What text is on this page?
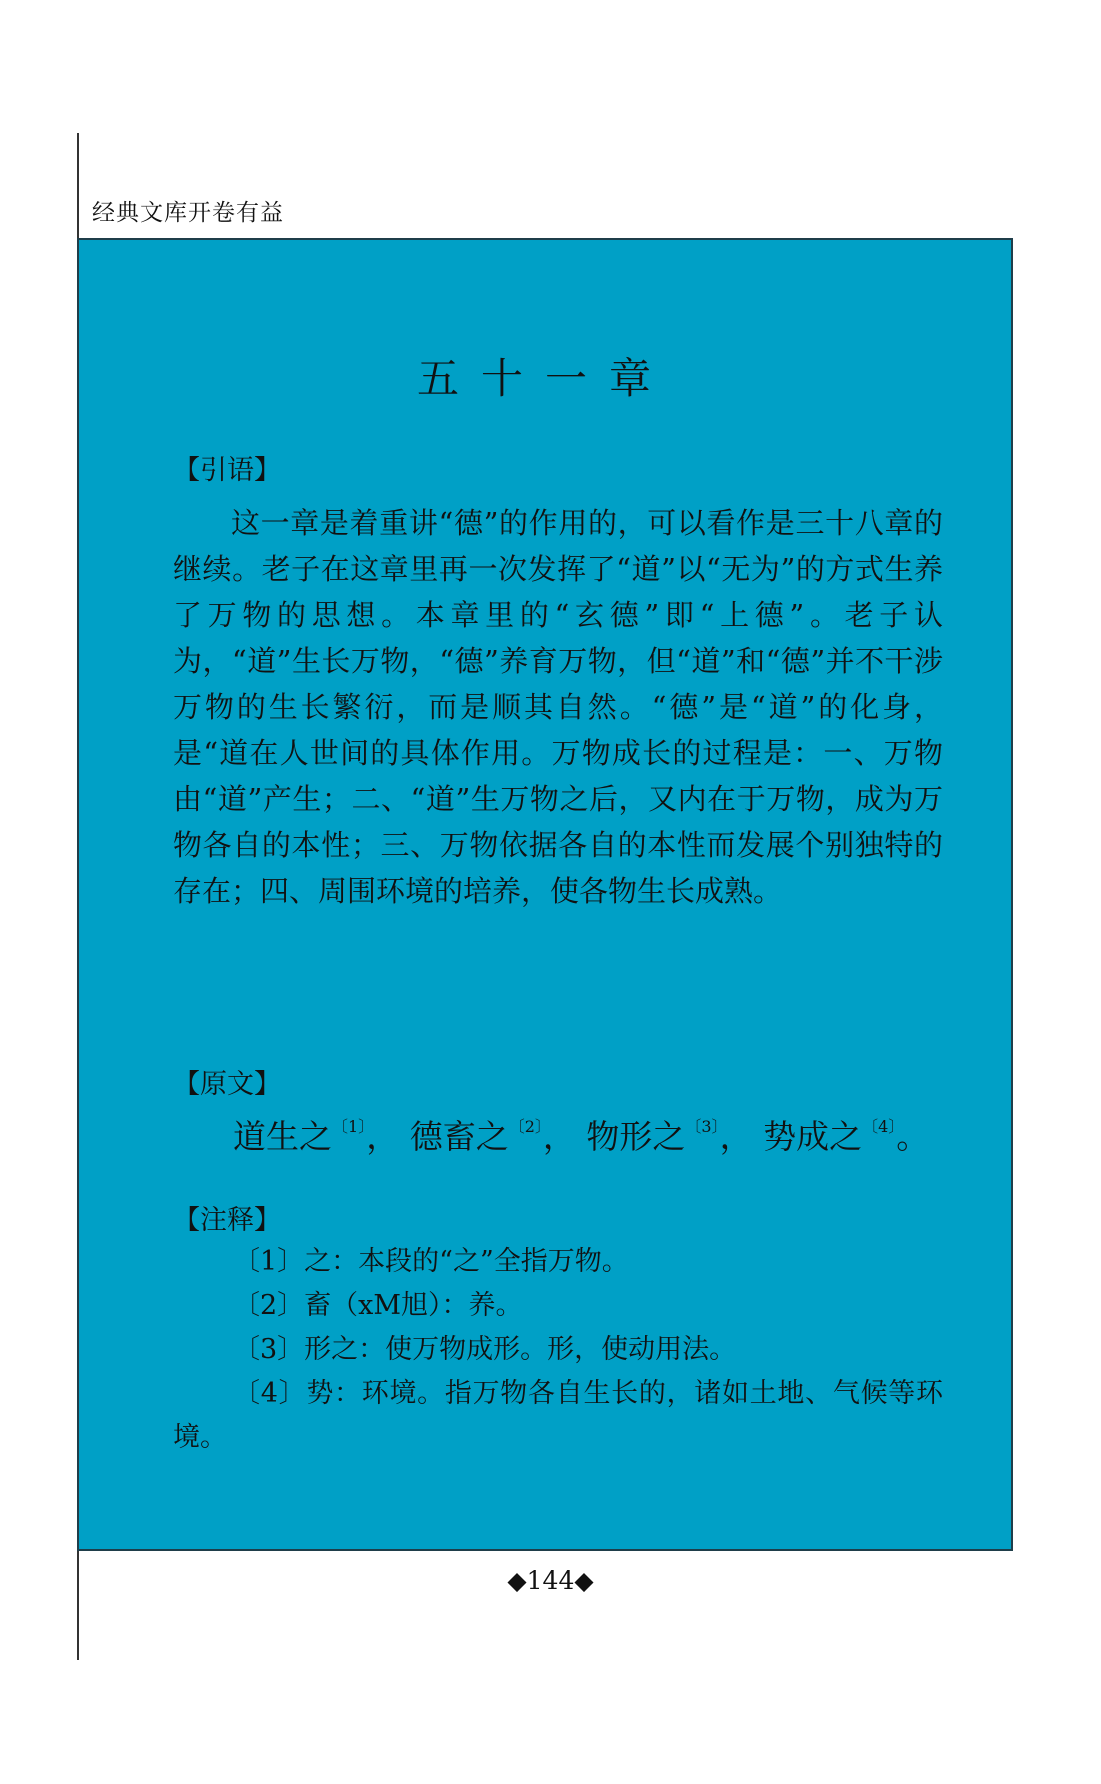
经典文库开卷有益
五十一章
【引语】

这一章是着重讲“德”的作用的，可以看作是三十八章的继续。老子在这章里再一次发挥了“道”以“无为”的方式生养了万物的思想。本章里的“玄德”即“上德”。老子认为，“道”生长万物，“德”养育万物，但“道”和“德”并不干涉万物的生长繁衍，而是顺其自然。“德”是“道”的化身，是“道在人世间的具体作用。万物成长的过程是：一、万物由“道”产生；二、“道”生万物之后，又内在于万物，成为万物各自的本性；三、万物依据各自的本性而发展个别独特的存在；四、周围环境的培养，使各物生长成熟。

【原文】

道生之$^{〔1〕}$， 德畜之$^{〔2〕}$， 物形之$^{〔3〕}$， 势成之$^{〔4〕}$。

【注释】

〔1〕之：本段的“之”全指万物。

〔2〕畜（xM旭）：养。

〔3〕形之：使万物成形。形，使动用法。

〔4〕势：环境。指万物各自生长的，诸如土地、气候等环境。

◆144◆
